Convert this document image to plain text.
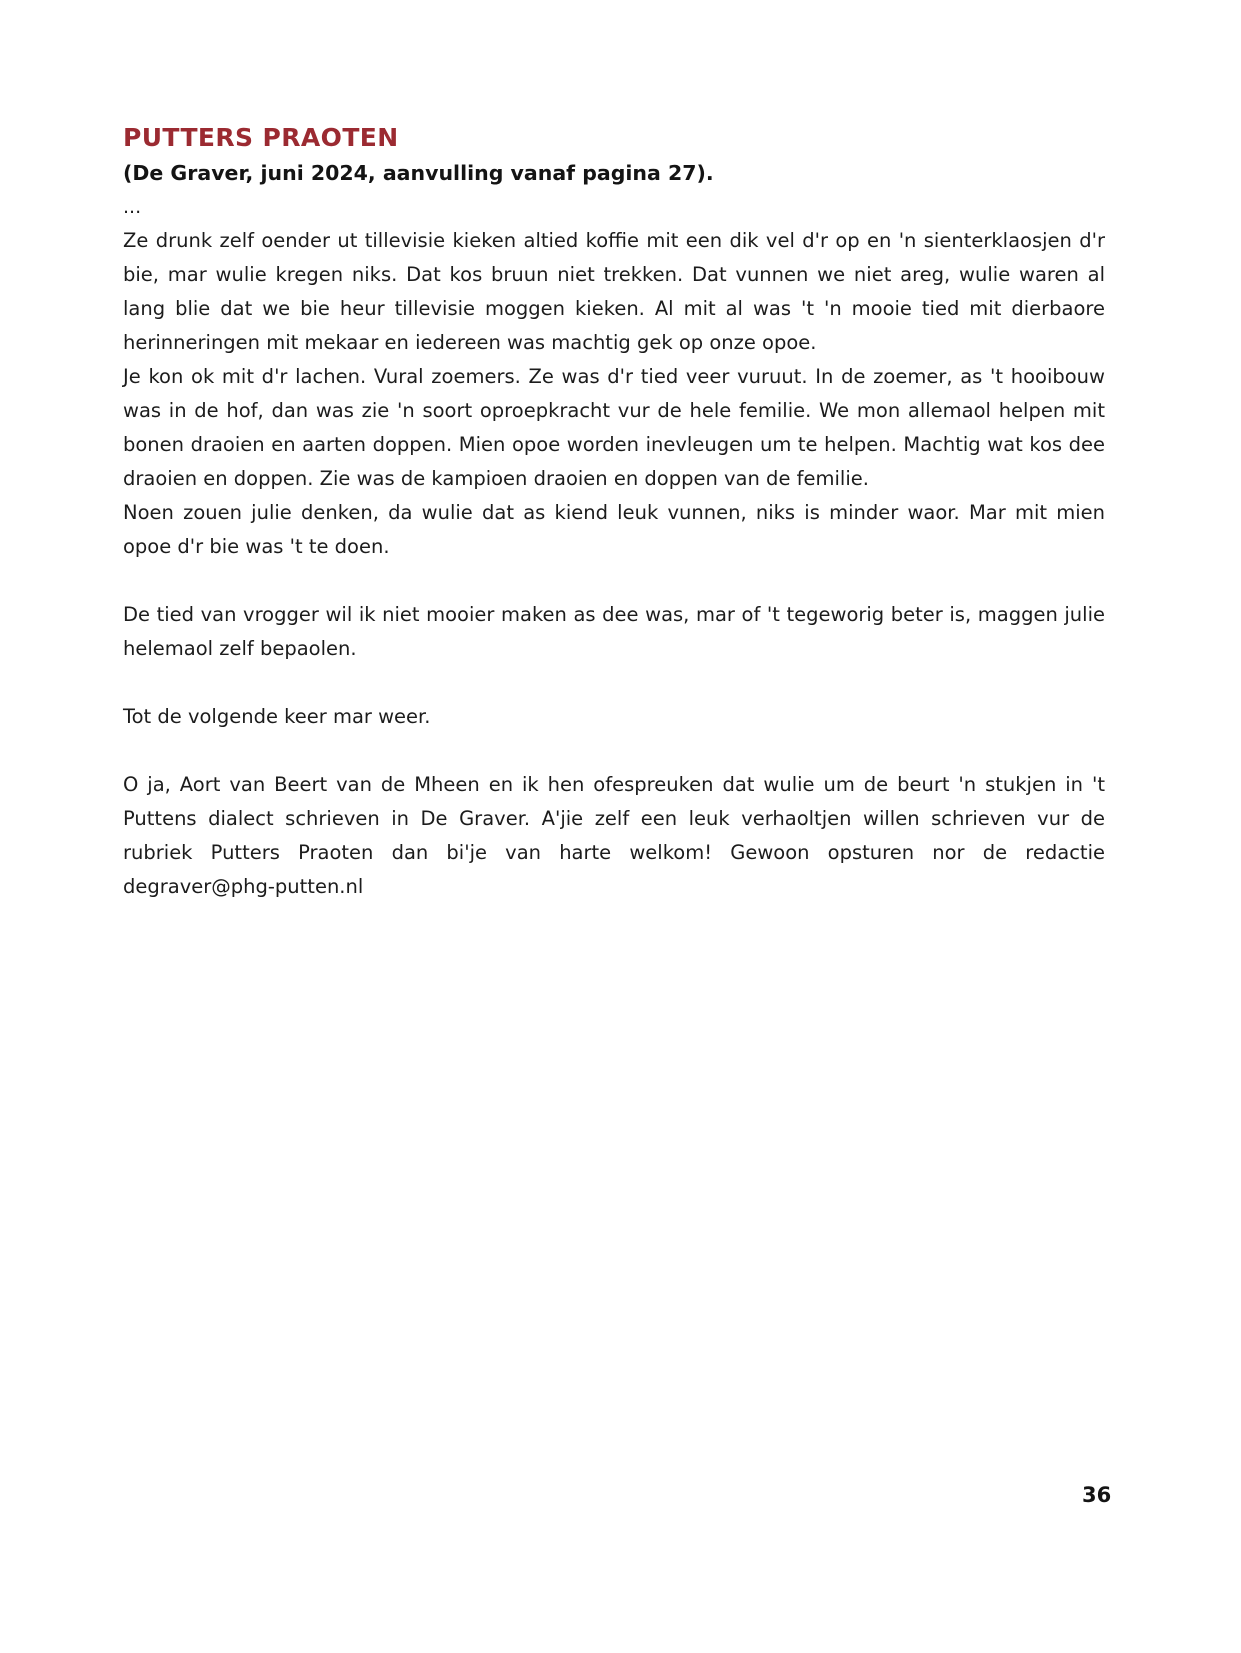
PUTTERS PRAOTEN

(De Graver, juni 2024, aanvulling vanaf pagina 27).

...

Ze drunk zelf oender ut tillevisie kieken altied koffie mit een dik vel d'r op en 'n sienterklaosjen d'r bie, mar wulie kregen niks. Dat kos bruun niet trekken. Dat vunnen we niet areg, wulie waren al lang blie dat we bie heur tillevisie moggen kieken. Al mit al was 't 'n mooie tied mit dierbaore herinneringen mit mekaar en iedereen was machtig gek op onze opoe.

Je kon ok mit d'r lachen. Vural zoemers. Ze was d'r tied veer vuruut. In de zoemer, as 't hooibouw was in de hof, dan was zie 'n soort oproepkracht vur de hele femilie. We mon allemaol helpen mit bonen draoien en aarten doppen. Mien opoe worden inevleugen um te helpen. Machtig wat kos dee draoien en doppen. Zie was de kampioen draoien en doppen van de femilie.

Noen zouen julie denken, da wulie dat as kiend leuk vunnen, niks is minder waor. Mar mit mien opoe d'r bie was 't te doen.

De tied van vrogger wil ik niet mooier maken as dee was, mar of 't tegeworig beter is, maggen julie helemaol zelf bepaolen.

Tot de volgende keer mar weer.

O ja, Aort van Beert van de Mheen en ik hen ofespreuken dat wulie um de beurt 'n stukjen in 't Puttens dialect schrieven in De Graver. A'jie zelf een leuk verhaoltjen willen schrieven vur de rubriek Putters Praoten dan bi'je van harte welkom! Gewoon opsturen nor de redactie degraver@phg-putten.nl

36
